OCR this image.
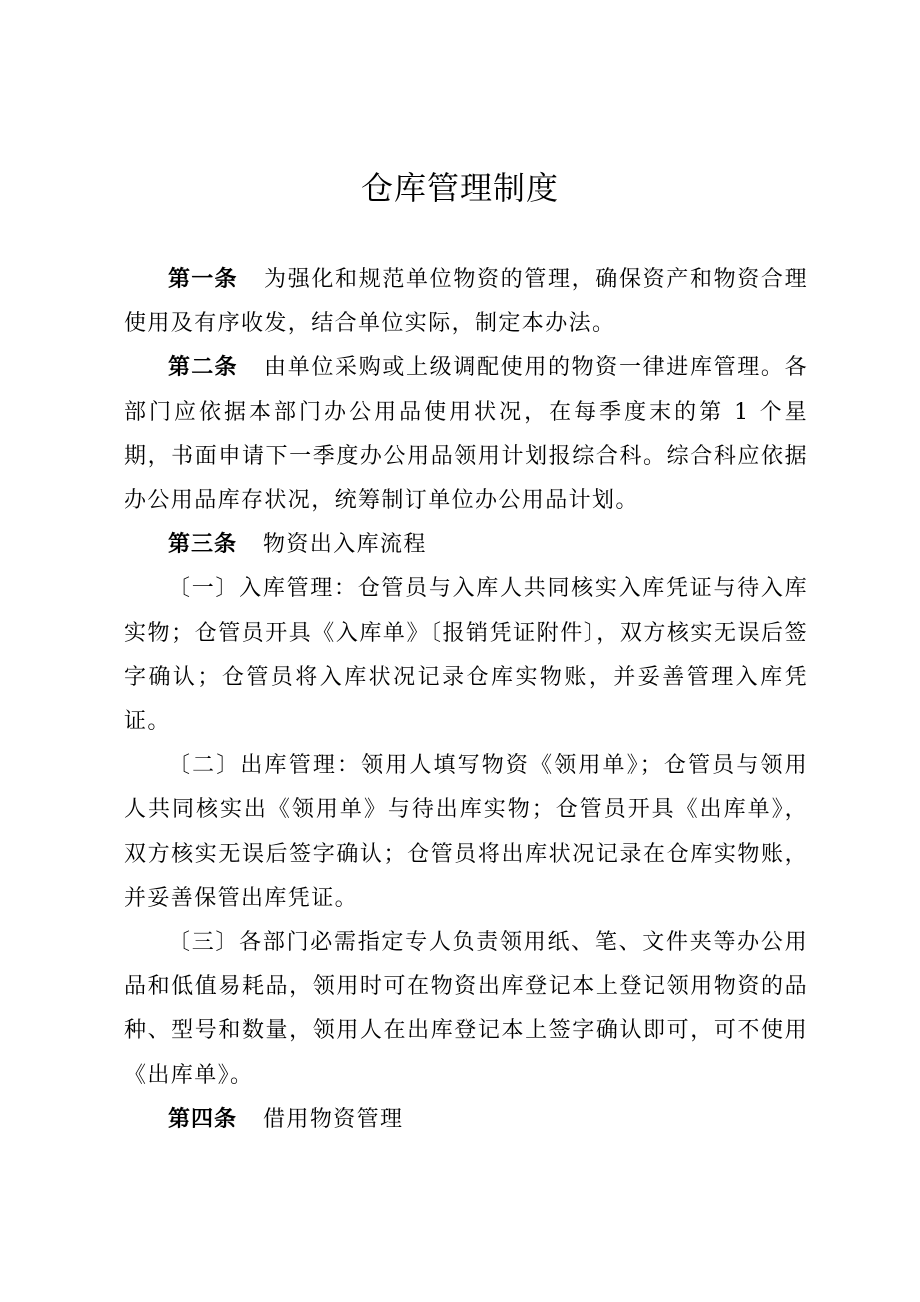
仓库管理制度

第一条 为强化和规范单位物资的管理，确保资产和物资合理使用及有序收发，结合单位实际，制定本办法。

第二条 由单位采购或上级调配使用的物资一律进库管理。各部门应依据本部门办公用品使用状况，在每季度末的第 1 个星期，书面申请下一季度办公用品领用计划报综合科。综合科应依据办公用品库存状况，统筹制订单位办公用品计划。

第三条 物资出入库流程

〔一〕入库管理：仓管员与入库人共同核实入库凭证与待入库实物；仓管员开具《入库单》〔报销凭证附件〕，双方核实无误后签字确认；仓管员将入库状况记录仓库实物账，并妥善管理入库凭证。

〔二〕出库管理：领用人填写物资《领用单》；仓管员与领用人共同核实出《领用单》与待出库实物；仓管员开具《出库单》，双方核实无误后签字确认；仓管员将出库状况记录在仓库实物账，并妥善保管出库凭证。

〔三〕各部门必需指定专人负责领用纸、笔、文件夹等办公用品和低值易耗品，领用时可在物资出库登记本上登记领用物资的品种、型号和数量，领用人在出库登记本上签字确认即可，可不使用《出库单》。

第四条 借用物资管理
